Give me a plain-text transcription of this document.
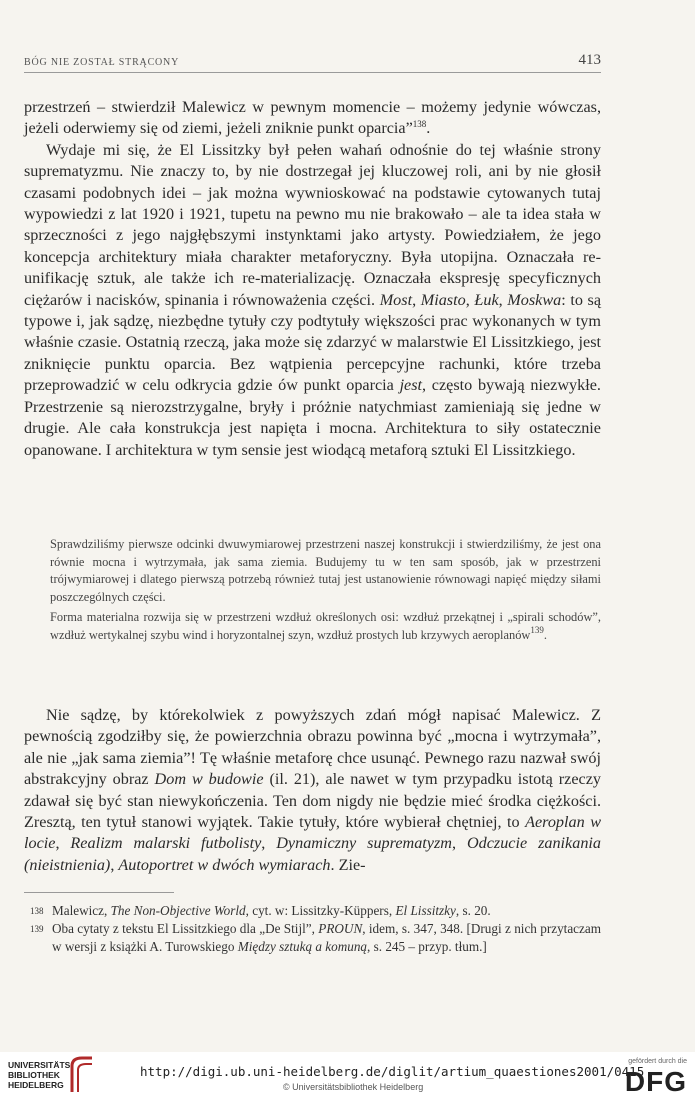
BÓG NIE ZOSTAŁ STRĄCONY	413

przestrzeń – stwierdził Malewicz w pewnym momencie – możemy jedynie wówczas, jeżeli oderwiemy się od ziemi, jeżeli zniknie punkt oparcia”$^{138}$.

Wydaje mi się, że El Lissitzky był pełen wahań odnośnie do tej właśnie strony suprematyzmu. Nie znaczy to, by nie dostrzegał jej kluczowej roli, ani by nie głosił czasami podobnych idei – jak można wywnioskować na podstawie cytowanych tutaj wypowiedzi z lat 1920 i 1921, tupetu na pewno mu nie brakowało – ale ta idea stała w sprzeczności z jego najgłębszymi instynktami jako artysty. Powiedziałem, że jego koncepcja architektury miała charakter metaforyczny. Była utopijna. Oznaczała re-unifikację sztuk, ale także ich re-materializację. Oznaczała ekspresję specyficznych ciężarów i nacisków, spinania i równoważenia części. Most, Miasto, Łuk, Moskwa: to są typowe i, jak sądzę, niezbędne tytuły czy podtytuły większości prac wykonanych w tym właśnie czasie. Ostatnią rzeczą, jaka może się zdarzyć w malarstwie El Lissitzkiego, jest zniknięcie punktu oparcia. Bez wątpienia percepcyjne rachunki, które trzeba przeprowadzić w celu odkrycia gdzie ów punkt oparcia jest, często bywają niezwykłe. Przestrzenie są nierozstrzygalne, bryły i próżnie natychmiast zamieniają się jedne w drugie. Ale cała konstrukcja jest napięta i mocna. Architektura to siły ostatecznie opanowane. I architektura w tym sensie jest wiodącą metaforą sztuki El Lissitzkiego.

Sprawdziliśmy pierwsze odcinki dwuwymiarowej przestrzeni naszej konstrukcji i stwierdziliśmy, że jest ona równie mocna i wytrzymała, jak sama ziemia. Budujemy tu w ten sam sposób, jak w przestrzeni trójwymiarowej i dlatego pierwszą potrzebą również tutaj jest ustanowienie równowagi napięć między siłami poszczególnych części.

Forma materialna rozwija się w przestrzeni wzdłuż określonych osi: wzdłuż przekątnej i „spirali schodów”, wzdłuż wertykalnej szybu wind i horyzontalnej szyn, wzdłuż prostych lub krzywych aeroplanów$^{139}$.

Nie sądzę, by którekolwiek z powyższych zdań mógł napisać Malewicz. Z pewnością zgodziłby się, że powierzchnia obrazu powinna być „mocna i wytrzymała”, ale nie „jak sama ziemia”! Tę właśnie metaforę chce usunąć. Pewnego razu nazwał swój abstrakcyjny obraz Dom w budowie (il. 21), ale nawet w tym przypadku istotą rzeczy zdawał się być stan niewykończenia. Ten dom nigdy nie będzie mieć środka ciężkości. Zresztą, ten tytuł stanowi wyjątek. Takie tytuły, które wybierał chętniej, to Aeroplan w locie, Realizm malarski futbolisty, Dynamiczny suprematyzm, Odczucie zanikania (nieistnienia), Autoportret w dwóch wymiarach. Zie-

138 Malewicz, The Non-Objective World, cyt. w: Lissitzky-Küppers, El Lissitzky, s. 20.

139 Oba cytaty z tekstu El Lissitzkiego dla „De Stijl”, PROUN, idem, s. 347, 348. [Drugi z nich przytaczam w wersji z książki A. Turowskiego Między sztuką a komuną, s. 245 – przyp. tłum.]

UNIVERSITÄTS-
BIBLIOTHEK
HEIDELBERG
http://digi.ub.uni-heidelberg.de/diglit/artium_quaestiones2001/0415
© Universitätsbibliothek Heidelberg
gefördert durch die
DFG
